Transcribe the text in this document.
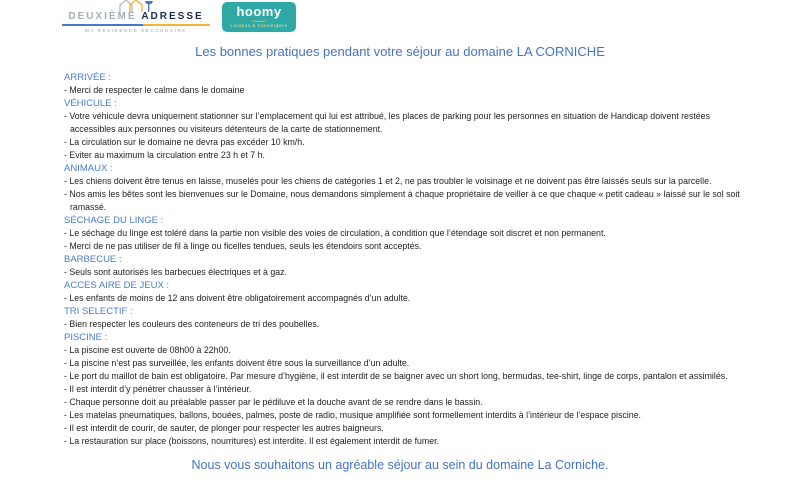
DEUXIÈME ADRESSE
MA RÉSIDENCE SECONDAIRE
hoomy
Location & Conciergerie
Les bonnes pratiques pendant votre séjour au domaine LA CORNICHE
ARRIVÉE :
- Merci de respecter le calme dans le domaine
VÉHICULE :
- Votre véhicule devra uniquement stationner sur l’emplacement qui lui est attribué, les places de parking pour les personnes en situation de Handicap doivent restées accessibles aux personnes ou visiteurs détenteurs de la carte de stationnement.
- La circulation sur le domaine ne devra pas excéder 10 km/h.
- Eviter au maximum la circulation entre 23 h et 7 h.
ANIMAUX :
- Les chiens doivent être tenus en laisse, muselés pour les chiens de catégories 1 et 2, ne pas troubler le voisinage et ne doivent pas être laissés seuls sur la parcelle.
- Nos amis les bêtes sont les bienvenues sur le Domaine, nous demandons simplement à chaque propriétaire de veiller à ce que chaque « petit cadeau » laissé sur le sol soit ramassé.
SÉCHAGE DU LINGE :
- Le séchage du linge est toléré dans la partie non visible des voies de circulation, à condition que l’étendage soit discret et non permanent.
- Merci de ne pas utiliser de fil à linge ou ficelles tendues, seuls les étendoirs sont acceptés.
BARBECUE :
- Seuls sont autorisés les barbecues électriques et à gaz.
ACCES AIRE DE JEUX :
- Les enfants de moins de 12 ans doivent être obligatoirement accompagnés d’un adulte.
TRI SELECTIF :
- Bien respecter les couleurs des conteneurs de tri des poubelles.
PISCINE :
- La piscine est ouverte de 08h00 à 22h00.
- La piscine n’est pas surveillée, les enfants doivent être sous la surveillance d’un adulte.
- Le port du maillot de bain est obligatoire. Par mesure d’hygiène, il est interdit de se baigner avec un short long, bermudas, tee-shirt, linge de corps, pantalon et assimilés.
- Il est interdit d’y pénétrer chausser à l’intérieur.
- Chaque personne doit au préalable passer par le pédiluve et la douche avant de se rendre dans le bassin.
- Les matelas pneumatiques, ballons, bouées, palmes, poste de radio, musique amplifiée sont formellement interdits à l’intérieur de l’espace piscine.
- Il est interdit de courir, de sauter, de plonger pour respecter les autres baigneurs.
- La restauration sur place (boissons, nourritures) est interdite. Il est également interdit de fumer.
Nous vous souhaitons un agréable séjour au sein du domaine La Corniche.
